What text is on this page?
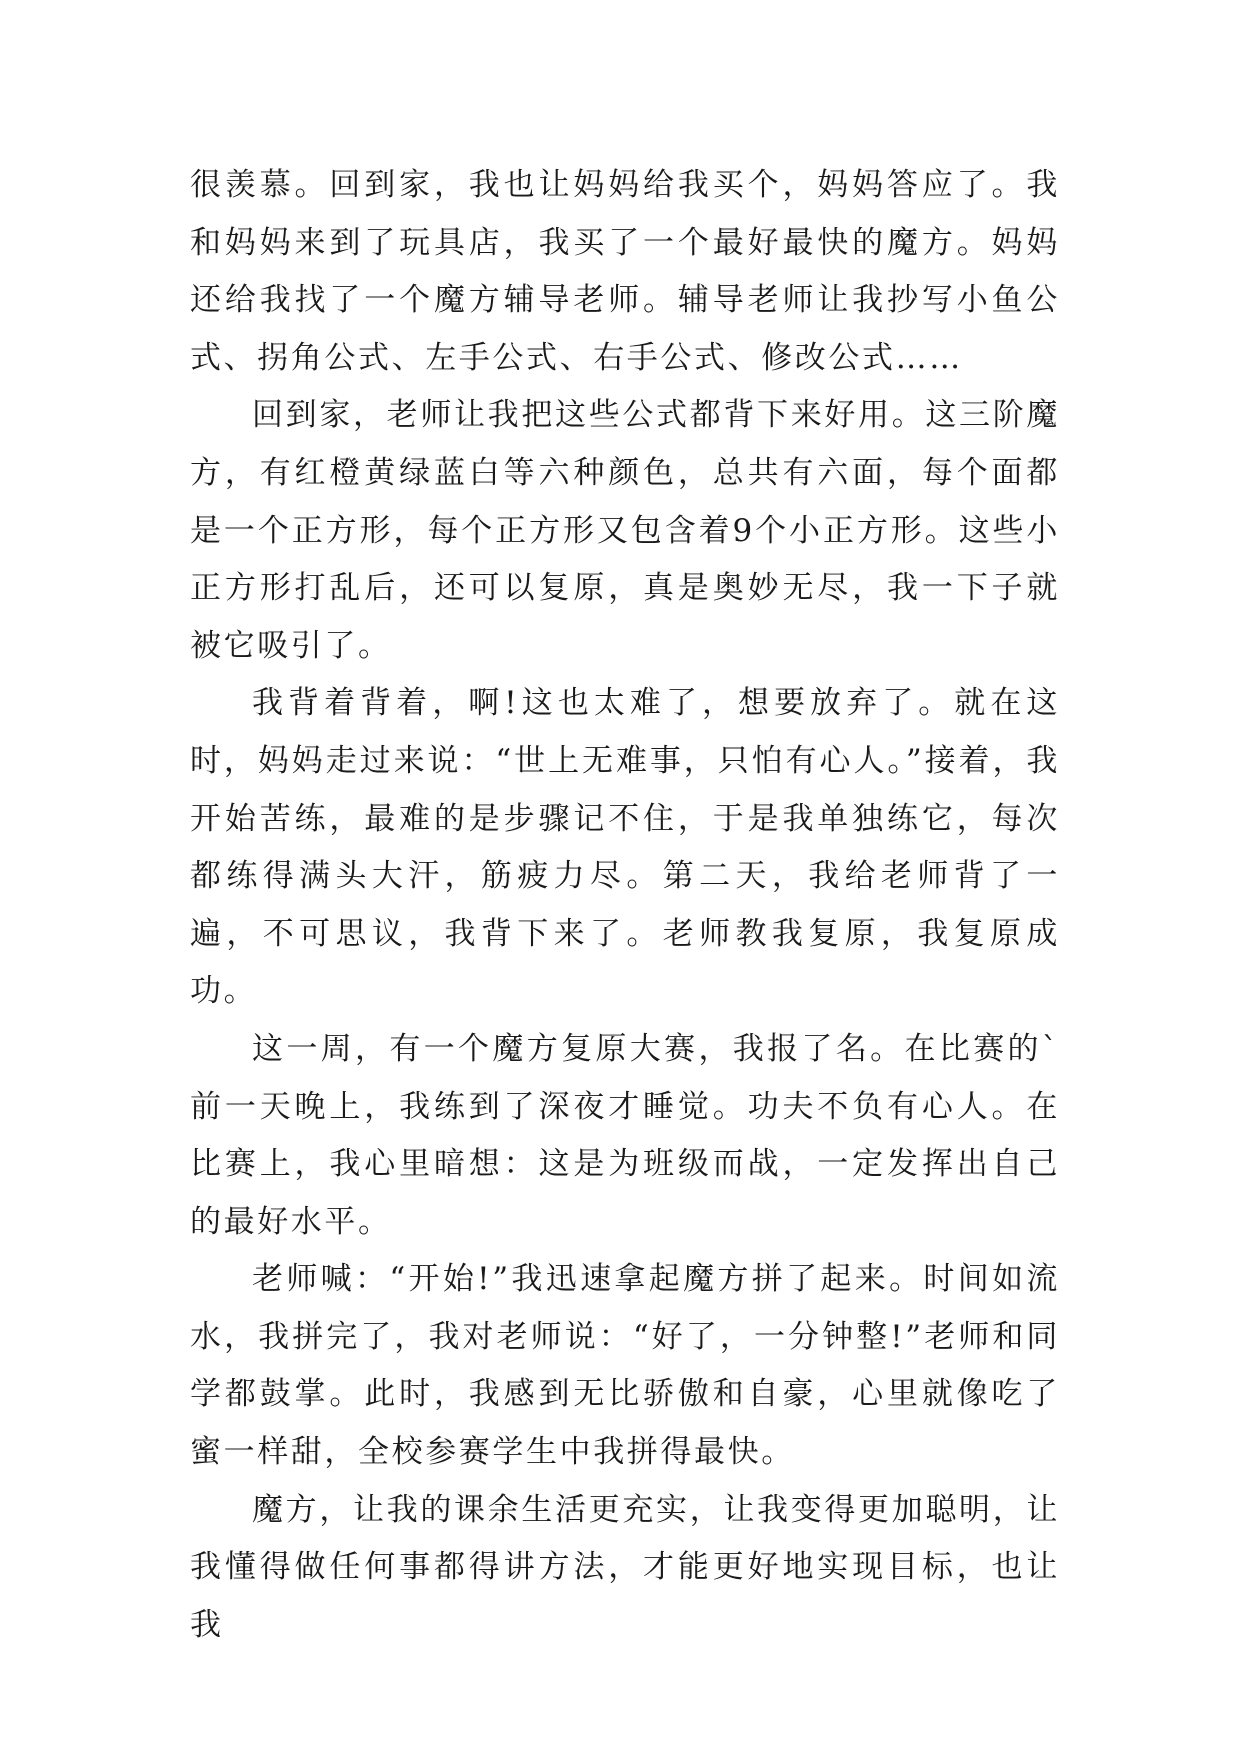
很羡慕。回到家，我也让妈妈给我买个，妈妈答应了。我和妈妈来到了玩具店，我买了一个最好最快的魔方。妈妈还给我找了一个魔方辅导老师。辅导老师让我抄写小鱼公式、拐角公式、左手公式、右手公式、修改公式……

回到家，老师让我把这些公式都背下来好用。这三阶魔方，有红橙黄绿蓝白等六种颜色，总共有六面，每个面都是一个正方形，每个正方形又包含着9个小正方形。这些小正方形打乱后，还可以复原，真是奥妙无尽，我一下子就被它吸引了。

我背着背着，啊!这也太难了，想要放弃了。就在这时，妈妈走过来说：“世上无难事，只怕有心人。”接着，我开始苦练，最难的是步骤记不住，于是我单独练它，每次都练得满头大汗，筋疲力尽。第二天，我给老师背了一遍，不可思议，我背下来了。老师教我复原，我复原成功。

这一周，有一个魔方复原大赛，我报了名。在比赛的`前一天晚上，我练到了深夜才睡觉。功夫不负有心人。在比赛上，我心里暗想：这是为班级而战，一定发挥出自己的最好水平。

老师喊：“开始!”我迅速拿起魔方拼了起来。时间如流水，我拼完了，我对老师说：“好了，一分钟整!”老师和同学都鼓掌。此时，我感到无比骄傲和自豪，心里就像吃了蜜一样甜，全校参赛学生中我拼得最快。

魔方，让我的课余生活更充实，让我变得更加聪明，让我懂得做任何事都得讲方法，才能更好地实现目标，也让我
